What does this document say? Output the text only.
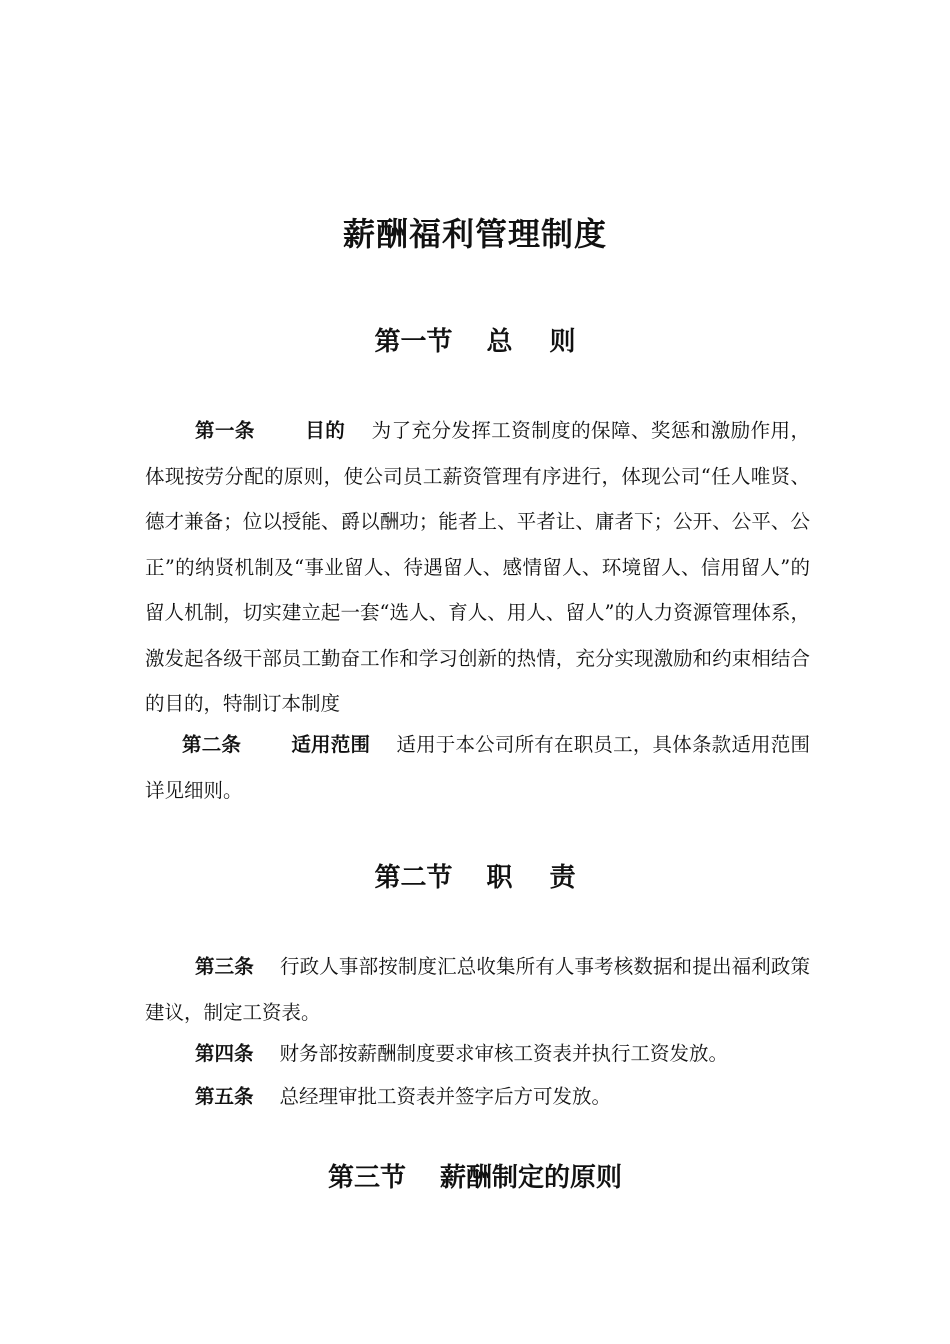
薪酬福利管理制度
第一节 总 则

第一条	目的 为了充分发挥工资制度的保障、奖惩和激励作用，体现按劳分配的原则，使公司员工薪资管理有序进行，体现公司“任人唯贤、德才兼备；位以授能、爵以酬功；能者上、平者让、庸者下；公开、公平、公正”的纳贤机制及“事业留人、待遇留人、感情留人、环境留人、信用留人”的留人机制，切实建立起一套“选人、育人、用人、留人”的人力资源管理体系，激发起各级干部员工勤奋工作和学习创新的热情，充分实现激励和约束相结合的目的，特制订本制度

第二条	适用范围 适用于本公司所有在职员工，具体条款适用范围详见细则。

第二节 职 责

第三条 行政人事部按制度汇总收集所有人事考核数据和提出福利政策建议，制定工资表。

第四条 财务部按薪酬制度要求审核工资表并执行工资发放。

第五条 总经理审批工资表并签字后方可发放。

第三节 薪酬制定的原则
